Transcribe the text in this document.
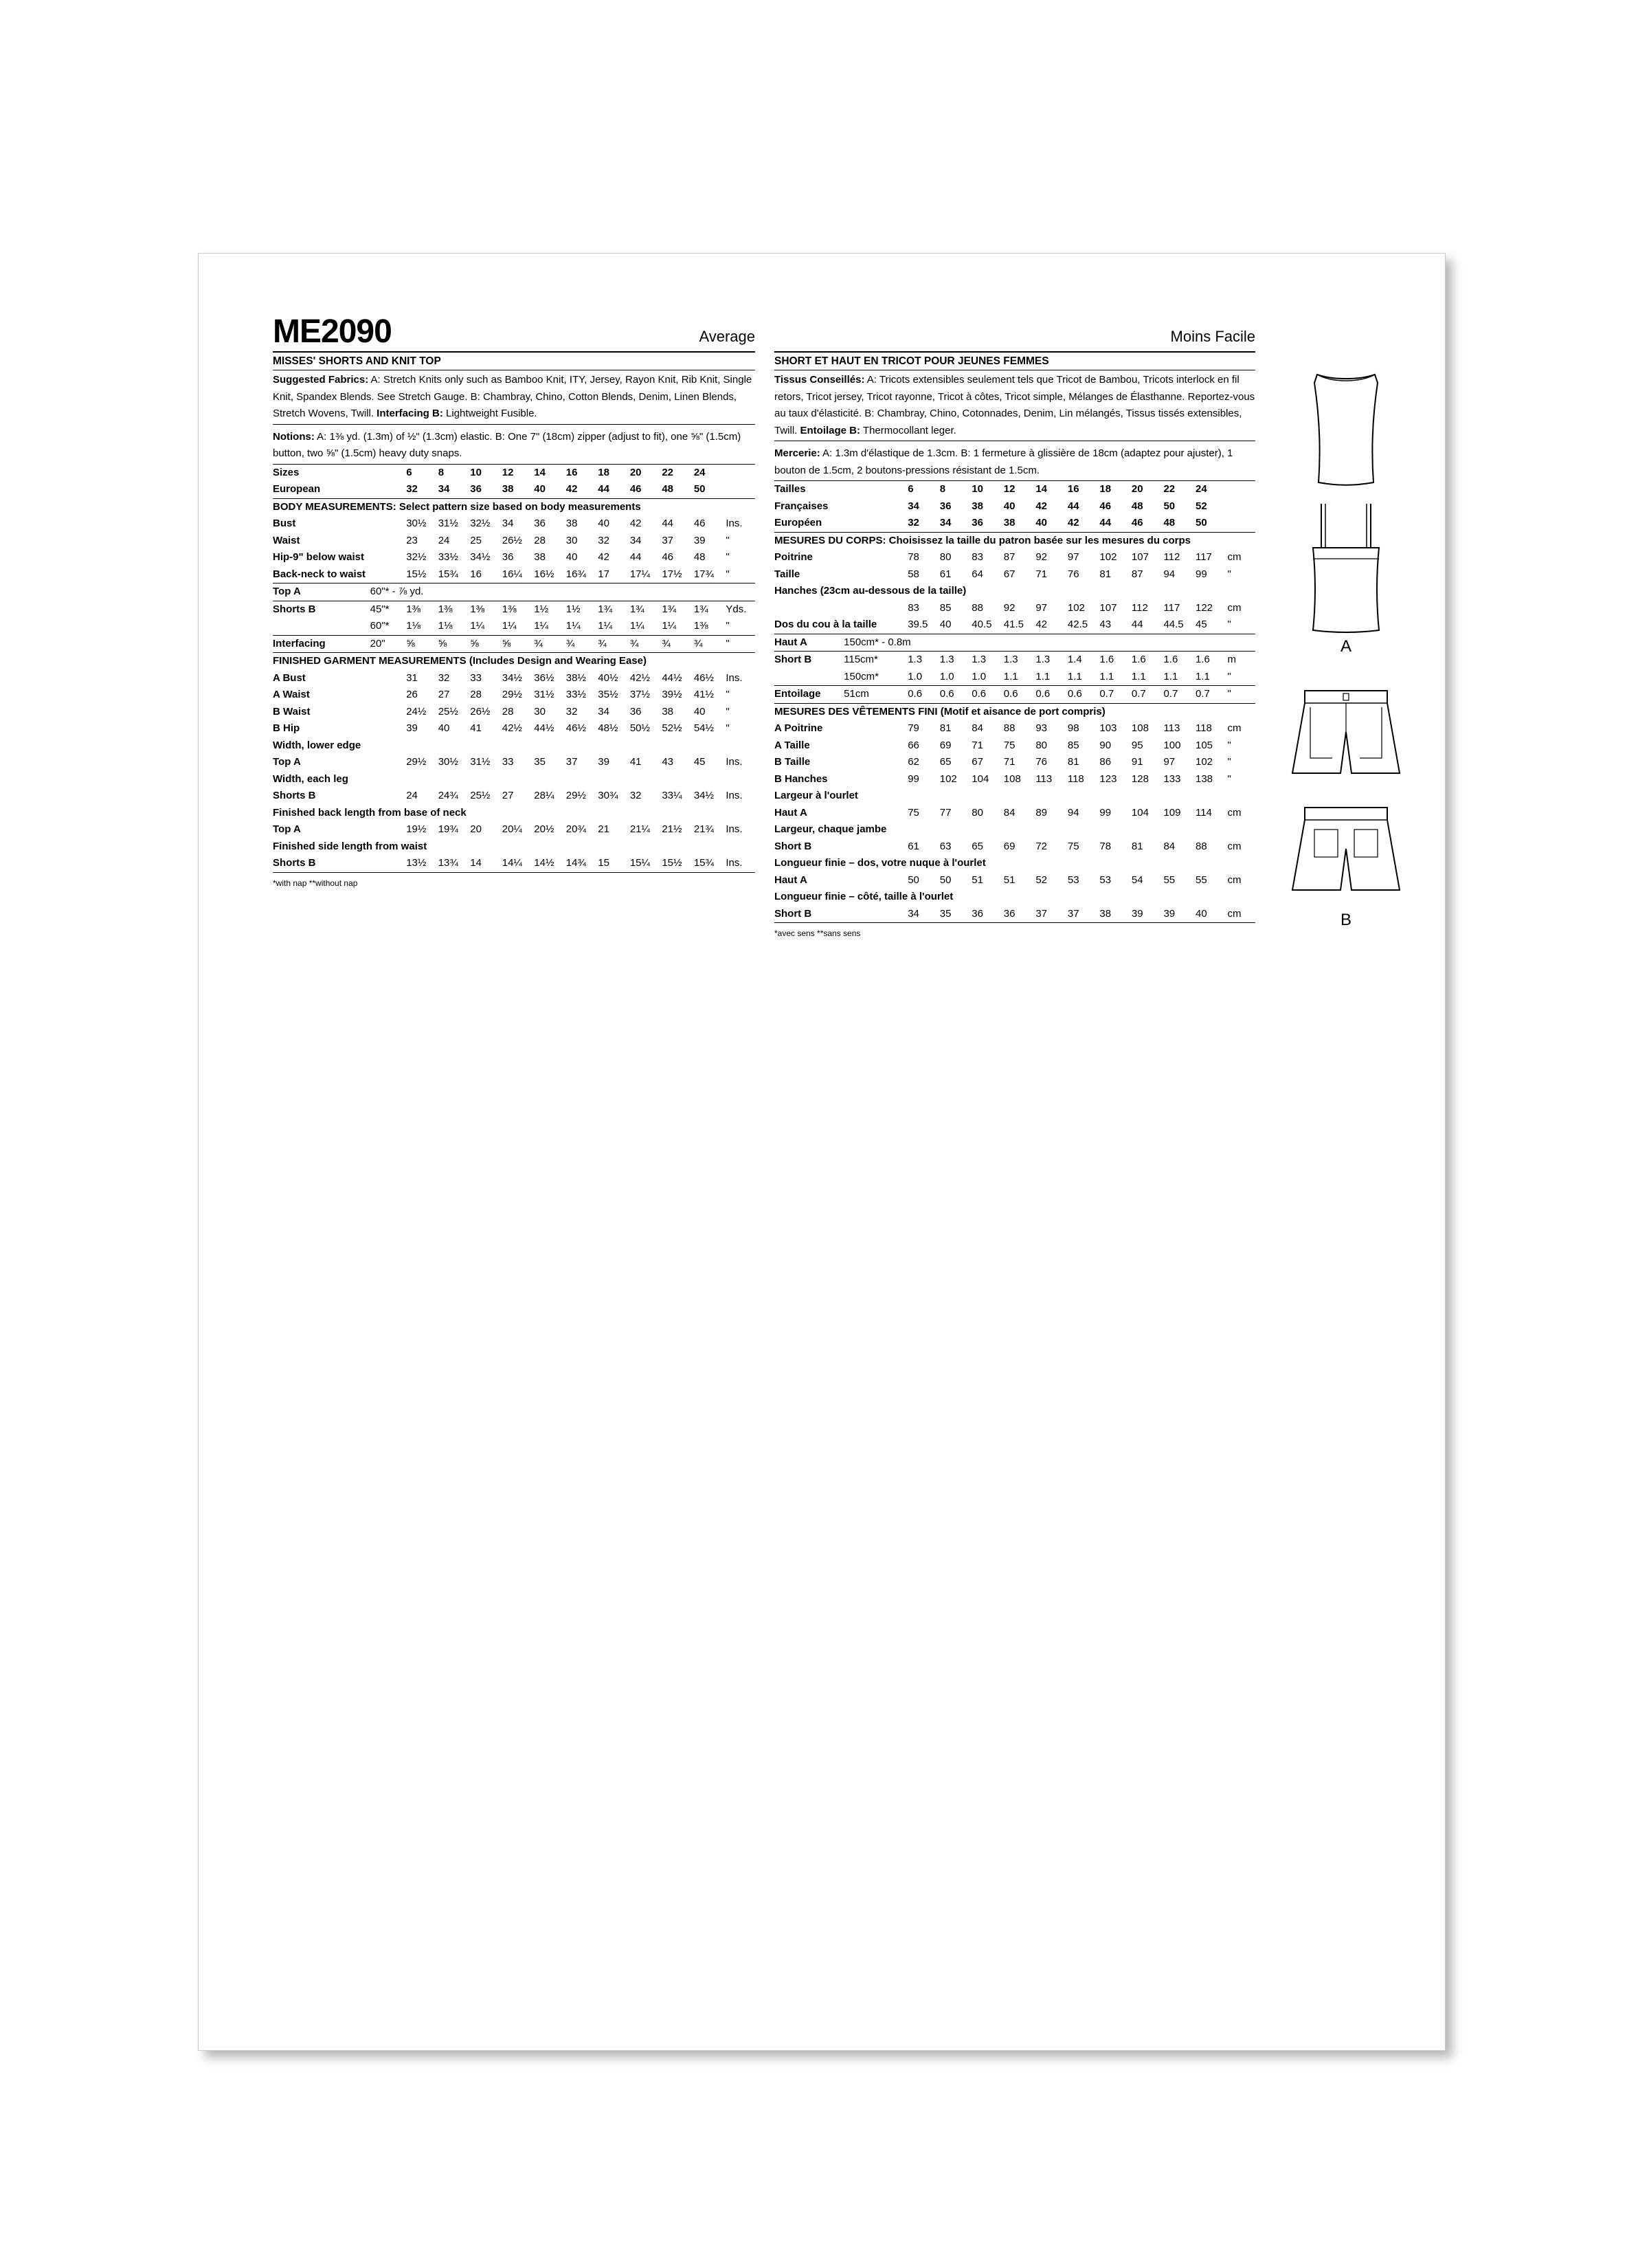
ME2090	Average
MISSES' SHORTS AND KNIT TOP
Suggested Fabrics: A: Stretch Knits only such as Bamboo Knit, ITY, Jersey, Rayon Knit, Rib Knit, Single Knit, Spandex Blends. See Stretch Gauge. B: Chambray, Chino, Cotton Blends, Denim, Linen Blends, Stretch Wovens, Twill. Interfacing B: Lightweight Fusible.
Notions: A: 1⅜ yd. (1.3m) of ½" (1.3cm) elastic. B: One 7" (18cm) zipper (adjust to fit), one ⅝" (1.5cm) button, two ⅝" (1.5cm) heavy duty snaps.
Sizes		6	8	10	12	14	16	18	20	22	24	
European		32	34	36	38	40	42	44	46	48	50	
BODY MEASUREMENTS: Select pattern size based on body measurements												
Bust		30½	31½	32½	34	36	38	40	42	44	46	Ins.
Waist		23	24	25	26½	28	30	32	34	37	39	"
Hip-9" below waist		32½	33½	34½	36	38	40	42	44	46	48	"
Back-neck to waist		15½	15¾	16	16¼	16½	16¾	17	17¼	17½	17¾	"
Top A	60"* - ⅞ yd.											
Shorts B	45"*	1⅜	1⅜	1⅜	1⅜	1½	1½	1¾	1¾	1¾	1¾	Yds.
	60"*	1⅛	1⅛	1¼	1¼	1¼	1¼	1¼	1¼	1¼	1⅜	"
Interfacing	20"	⅝	⅝	⅝	⅝	¾	¾	¾	¾	¾	¾	"
FINISHED GARMENT MEASUREMENTS (Includes Design and Wearing Ease)												
A Bust		31	32	33	34½	36½	38½	40½	42½	44½	46½	Ins.
A Waist		26	27	28	29½	31½	33½	35½	37½	39½	41½	"
B Waist		24½	25½	26½	28	30	32	34	36	38	40	"
B Hip		39	40	41	42½	44½	46½	48½	50½	52½	54½	"
Width, lower edge												
Top A		29½	30½	31½	33	35	37	39	41	43	45	Ins.
Width, each leg												
Shorts B		24	24¾	25½	27	28¼	29½	30¾	32	33¼	34½	Ins.
Finished back length from base of neck												
Top A		19½	19¾	20	20¼	20½	20¾	21	21¼	21½	21¾	Ins.
Finished side length from waist												
Shorts B		13½	13¾	14	14¼	14½	14¾	15	15¼	15½	15¾	Ins.
*with nap **without nap
Moins Facile
SHORT ET HAUT EN TRICOT POUR JEUNES FEMMES
Tissus Conseillés: A: Tricots extensibles seulement tels que Tricot de Bambou, Tricots interlock en fil retors, Tricot jersey, Tricot rayonne, Tricot à côtes, Tricot simple, Mélanges de Élasthanne. Reportez-vous au taux d'élasticité. B: Chambray, Chino, Cotonnades, Denim, Lin mélangés, Tissus tissés extensibles, Twill. Entoilage B: Thermocollant leger.
Mercerie: A: 1.3m d'élastique de 1.3cm. B: 1 fermeture à glissière de 18cm (adaptez pour ajuster), 1 bouton de 1.5cm, 2 boutons-pressions résistant de 1.5cm.
Tailles		6	8	10	12	14	16	18	20	22	24	
Françaises		34	36	38	40	42	44	46	48	50	52	
Européen		32	34	36	38	40	42	44	46	48	50	
MESURES DU CORPS: Choisissez la taille du patron basée sur les mesures du corps												
Poitrine		78	80	83	87	92	97	102	107	112	117	cm
Taille		58	61	64	67	71	76	81	87	94	99	"
Hanches (23cm au-dessous de la taille)												
		83	85	88	92	97	102	107	112	117	122	cm
Dos du cou à la taille		39.5	40	40.5	41.5	42	42.5	43	44	44.5	45	"
Haut A	150cm* - 0.8m											
Short B	115cm*	1.3	1.3	1.3	1.3	1.3	1.4	1.6	1.6	1.6	1.6	m
	150cm*	1.0	1.0	1.0	1.1	1.1	1.1	1.1	1.1	1.1	1.1	"
Entoilage	51cm	0.6	0.6	0.6	0.6	0.6	0.6	0.7	0.7	0.7	0.7	"
MESURES DES VÊTEMENTS FINI (Motif et aisance de port compris)												
A Poitrine		79	81	84	88	93	98	103	108	113	118	cm
A Taille		66	69	71	75	80	85	90	95	100	105	"
B Taille		62	65	67	71	76	81	86	91	97	102	"
B Hanches		99	102	104	108	113	118	123	128	133	138	"
Largeur à l'ourlet												
Haut A		75	77	80	84	89	94	99	104	109	114	cm
Largeur, chaque jambe												
Short B		61	63	65	69	72	75	78	81	84	88	cm
Longueur finie – dos, votre nuque à l'ourlet												
Haut A		50	50	51	51	52	53	53	54	55	55	cm
Longueur finie – côté, taille à l'ourlet												
Short B		34	35	36	36	37	37	38	39	39	40	cm
*avec sens **sans sens
A
B
